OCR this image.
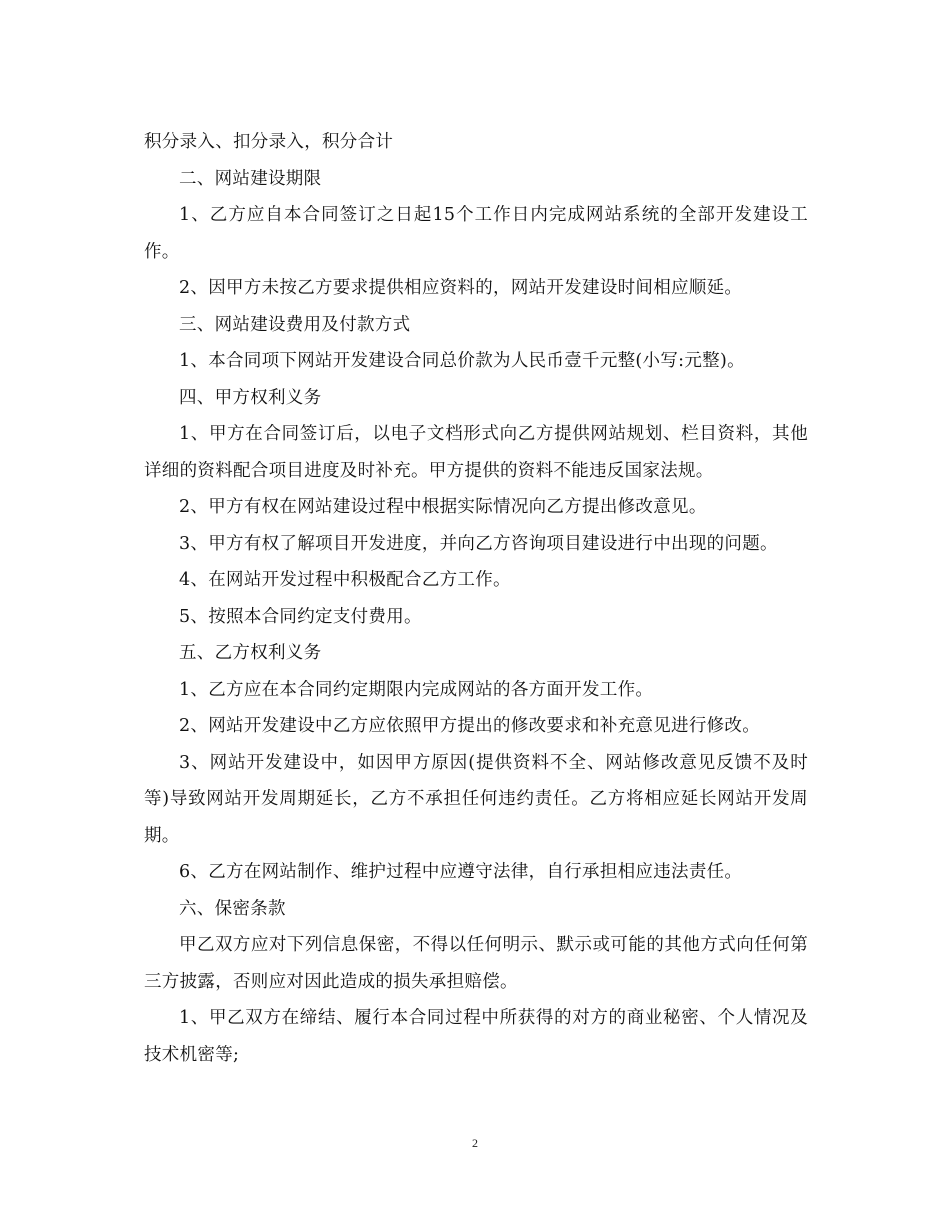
积分录入、扣分录入，积分合计

二、网站建设期限

1、乙方应自本合同签订之日起15个工作日内完成网站系统的全部开发建设工作。

2、因甲方未按乙方要求提供相应资料的，网站开发建设时间相应顺延。

三、网站建设费用及付款方式

1、本合同项下网站开发建设合同总价款为人民币壹千元整(小写:元整)。

四、甲方权利义务

1、甲方在合同签订后，以电子文档形式向乙方提供网站规划、栏目资料，其他详细的资料配合项目进度及时补充。甲方提供的资料不能违反国家法规。

2、甲方有权在网站建设过程中根据实际情况向乙方提出修改意见。

3、甲方有权了解项目开发进度，并向乙方咨询项目建设进行中出现的问题。

4、在网站开发过程中积极配合乙方工作。

5、按照本合同约定支付费用。

五、乙方权利义务

1、乙方应在本合同约定期限内完成网站的各方面开发工作。

2、网站开发建设中乙方应依照甲方提出的修改要求和补充意见进行修改。

3、网站开发建设中，如因甲方原因(提供资料不全、网站修改意见反馈不及时等)导致网站开发周期延长，乙方不承担任何违约责任。乙方将相应延长网站开发周期。

6、乙方在网站制作、维护过程中应遵守法律，自行承担相应违法责任。

六、保密条款

甲乙双方应对下列信息保密，不得以任何明示、默示或可能的其他方式向任何第三方披露，否则应对因此造成的损失承担赔偿。

1、甲乙双方在缔结、履行本合同过程中所获得的对方的商业秘密、个人情况及技术机密等;

2
